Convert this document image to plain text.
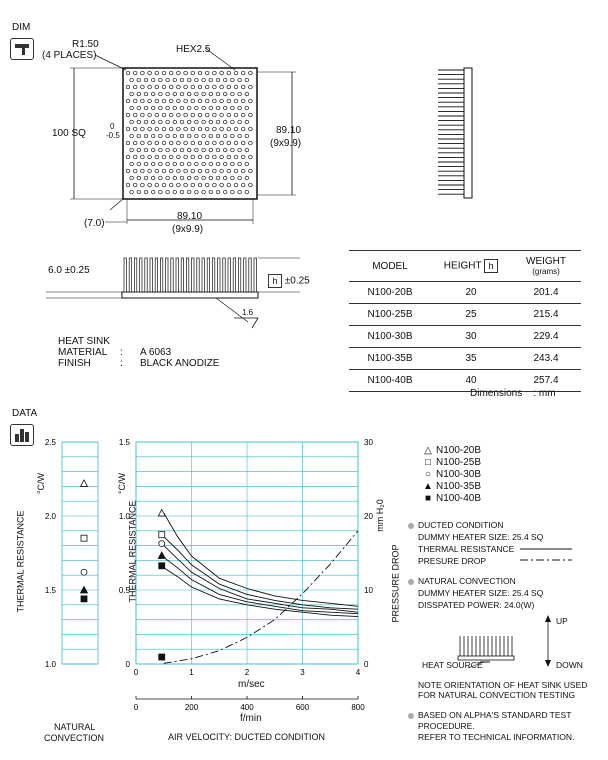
DIM
R1.50
(4 PLACES)
HEX2.5
100 SQ
0
-0.5	89.10
(9x9.9)
89.10
(9x9.9)
(7.0)
6.0 ±0.25
h ±0.25
1.6
HEAT SINK
MATERIAL : A 6063
FINISH	: BLACK ANODIZE
MODEL	HEIGHT h	WEIGHT
(grams)

N100-20B	20	201.4
N100-25B	25	215.4
N100-30B	30	229.4
N100-35B	35	243.4
N100-40B	40	257.4
Dimensions    : mm
DATA
1.0
1.5
2.0
2.5
0
0.5
1.0
1.5
0
10
20
30
0	1	2	3	4
0	200	400	600	800
NATURAL
CONVECTION	AIR VELOCITY: DUCTED CONDITION
m/sec
f/min
THERMAL RESISTANCE
°C/W
THERMAL RESISTANCE
°C/W
PRESSURE DROP
mm H₂0
△ N100-20B
□ N100-25B
○ N100-30B
▲ N100-35B
■ N100-40B
DUCTED CONDITION
DUMMY HEATER SIZE: 25.4 SQ
THERMAL RESISTANCE
PRESURE DROP
NATURAL CONVECTION
DUMMY HEATER SIZE: 25.4 SQ
DISSPATED POWER: 24.0(W)
UP
DOWN
HEAT SOURCE
NOTE ORIENTATION OF HEAT SINK USED
FOR NATURAL CONVECTION TESTING
BASED ON ALPHA'S STANDARD TEST
PROCEDURE.
REFER TO TECHNICAL INFORMATION.
